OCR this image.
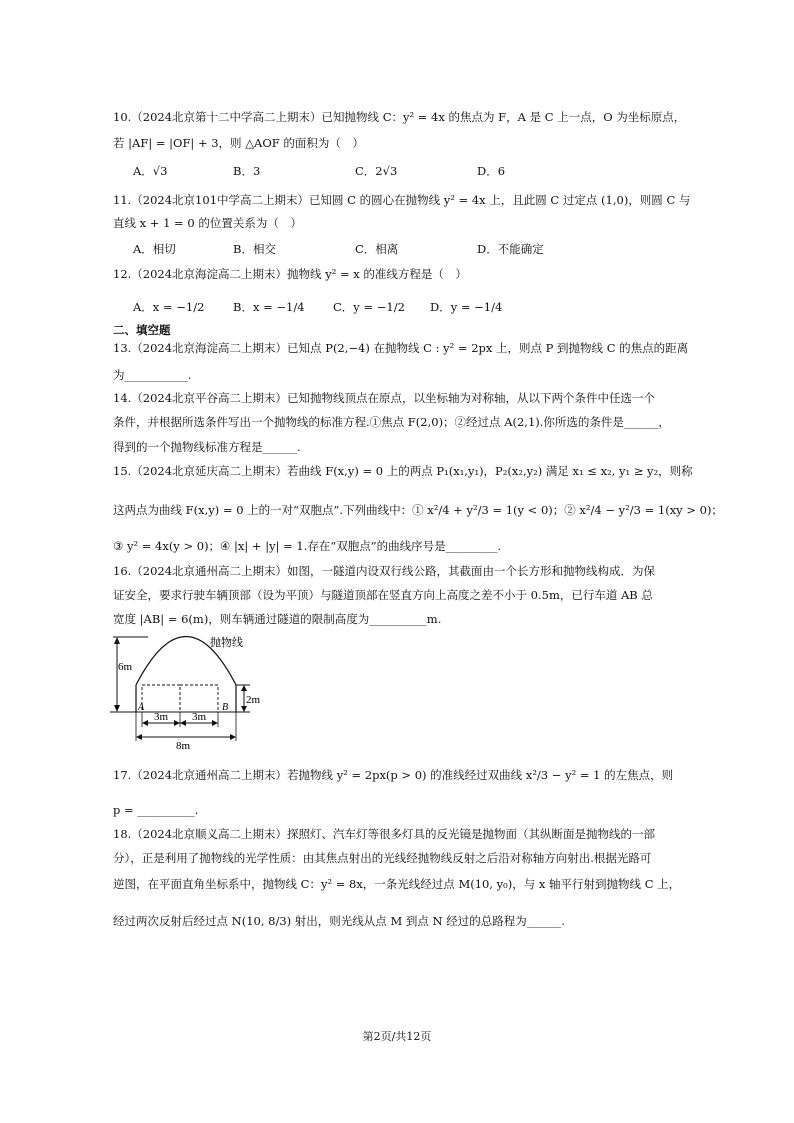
10.（2024北京第十二中学高二上期末）已知抛物线 C：y² = 4x 的焦点为 F，A 是 C 上一点，O 为坐标原点，
若 |AF| = |OF| + 3，则 △AOF 的面积为（　）
A．√3	B．3	C．2√3	D．6
11.（2024北京101中学高二上期末）已知圆 C 的圆心在抛物线 y² = 4x 上，且此圆 C 过定点 (1,0)，则圆 C 与
直线 x + 1 = 0 的位置关系为（　）
A．相切	B．相交	C．相离	D．不能确定
12.（2024北京海淀高二上期末）抛物线 y² = x 的准线方程是（　）
A．x = −1/2 B．x = −1/4 C．y = −1/2 D．y = −1/4
二、填空题
13.（2024北京海淀高二上期末）已知点 P(2,−4) 在抛物线 C : y² = 2px 上，则点 P 到抛物线 C 的焦点的距离
为___________.
14.（2024北京平谷高二上期末）已知抛物线顶点在原点，以坐标轴为对称轴，从以下两个条件中任选一个
条件，并根据所选条件写出一个抛物线的标准方程.①焦点 F(2,0)；②经过点 A(2,1).你所选的条件是______，
得到的一个抛物线标准方程是______.
15.（2024北京延庆高二上期末）若曲线 F(x,y) = 0 上的两点 P₁(x₁,y₁)，P₂(x₂,y₂) 满足 x₁ ≤ x₂, y₁ ≥ y₂，则称
这两点为曲线 F(x,y) = 0 上的一对“双胞点”.下列曲线中：① x²/4 + y²/3 = 1(y < 0)；② x²/4 − y²/3 = 1(xy > 0)；
③ y² = 4x(y > 0)；④ |x| + |y| = 1.存在“双胞点”的曲线序号是_________.
16.（2024北京通州高二上期末）如图，一隧道内设双行线公路，其截面由一个长方形和抛物线构成．为保
证安全，要求行驶车辆顶部（设为平顶）与隧道顶部在竖直方向上高度之差不小于 0.5m，已行车道 AB 总
宽度 |AB| = 6(m)，则车辆通过隧道的限制高度为__________m.
6m
抛物线
2m
A	B
3m 3m
8m
17.（2024北京通州高二上期末）若抛物线 y² = 2px(p > 0) 的准线经过双曲线 x²/3 − y² = 1 的左焦点，则
p = __________.
18.（2024北京顺义高二上期末）探照灯、汽车灯等很多灯具的反光镜是抛物面（其纵断面是抛物线的一部
分），正是利用了抛物线的光学性质：由其焦点射出的光线经抛物线反射之后沿对称轴方向射出.根据光路可
逆图，在平面直角坐标系中，抛物线 C：y² = 8x，一条光线经过点 M(10, y₀)，与 x 轴平行射到抛物线 C 上，
经过两次反射后经过点 N(10, 8/3) 射出，则光线从点 M 到点 N 经过的总路程为______.
第2页/共12页
